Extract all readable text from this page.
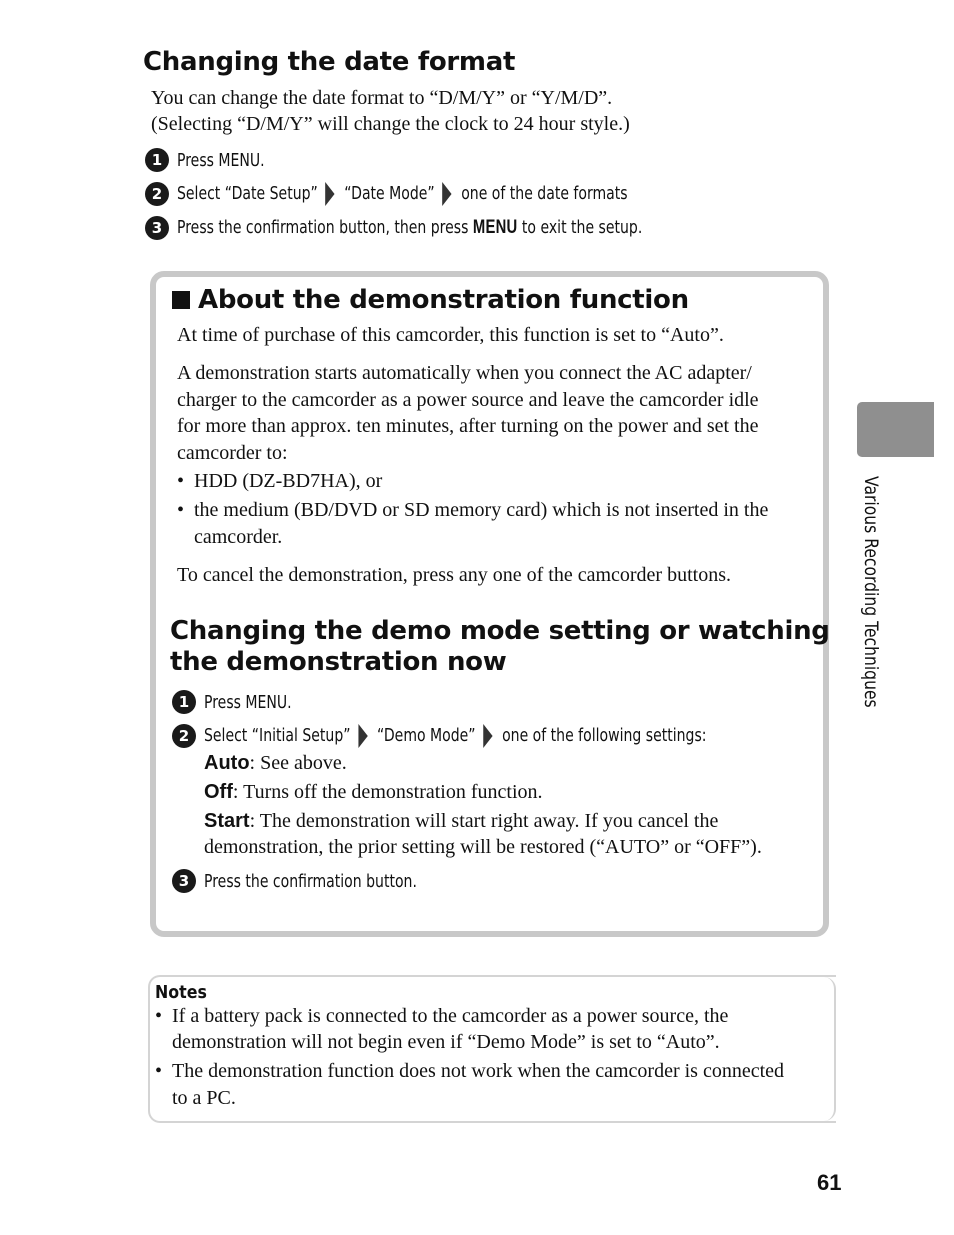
Changing the date format
You can change the date format to “D/M/Y” or “Y/M/D”.
(Selecting “D/M/Y” will change the clock to 24 hour style.)
1 Press MENU.
2 Select “Date Setup” “Date Mode” one of the date formats
3 Press the confirmation button, then press MENU to exit the setup.
About the demonstration function
At time of purchase of this camcorder, this function is set to “Auto”.
A demonstration starts automatically when you connect the AC adapter/
charger to the camcorder as a power source and leave the camcorder idle
for more than approx. ten minutes, after turning on the power and set the
camcorder to:
• HDD (DZ-BD7HA), or
• the medium (BD/DVD or SD memory card) which is not inserted in the
camcorder.
To cancel the demonstration, press any one of the camcorder buttons.
Changing the demo mode setting or watching
the demonstration now
1 Press MENU.
2 Select “Initial Setup” “Demo Mode” one of the following settings:
Auto: See above.
Off: Turns off the demonstration function.
Start: The demonstration will start right away. If you cancel the
demonstration, the prior setting will be restored (“AUTO” or “OFF”).
3 Press the confirmation button.
Notes
• If a battery pack is connected to the camcorder as a power source, the
demonstration will not begin even if “Demo Mode” is set to “Auto”.
• The demonstration function does not work when the camcorder is connected
to a PC.
Various Recording Techniques
61
